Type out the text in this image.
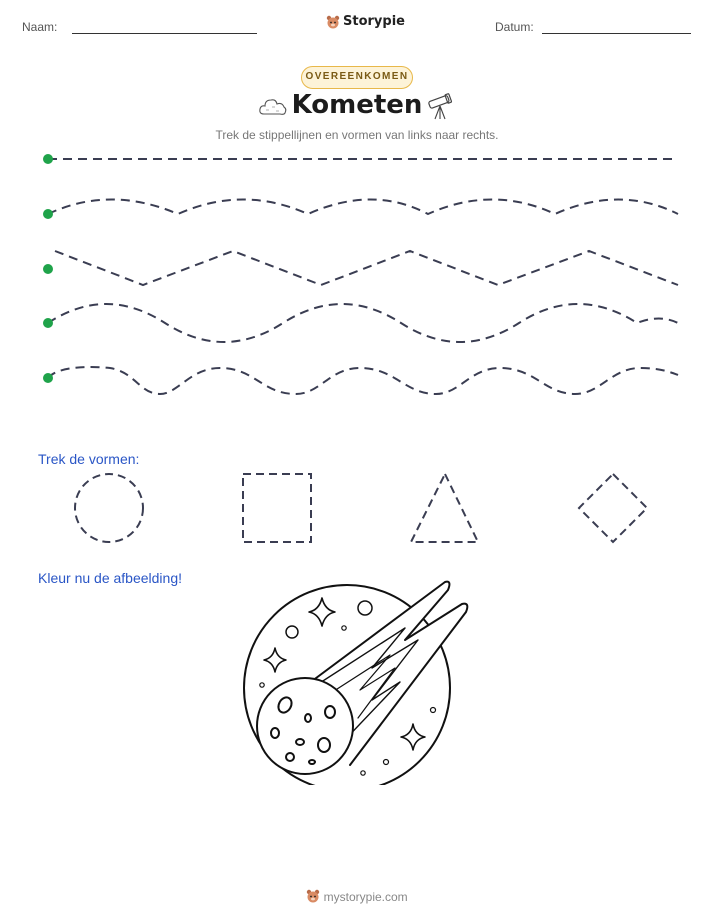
Naam:	Storypie	Datum:
OVEREENKOMEN
Kometen
Trek de stippellijnen en vormen van links naar rechts.
Trek de vormen:
Kleur nu de afbeelding!
mystorypie.com
